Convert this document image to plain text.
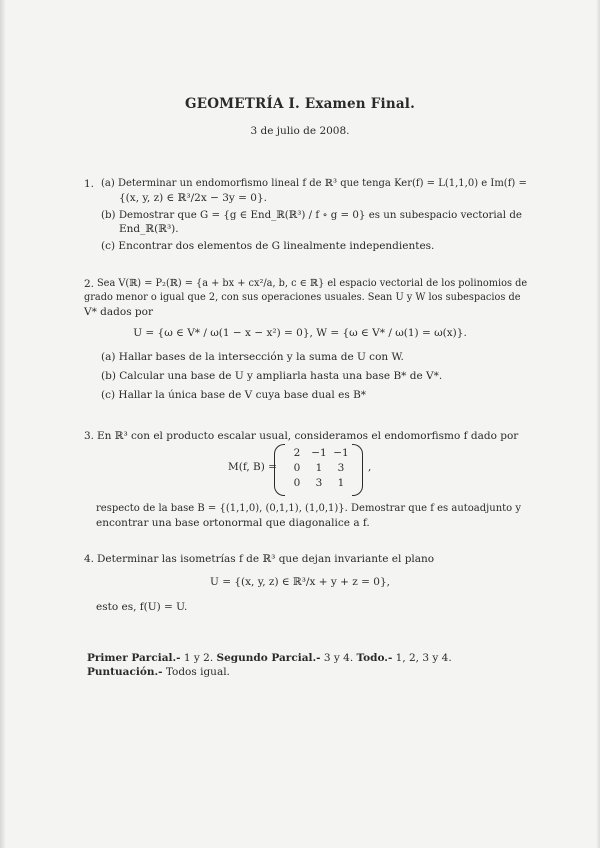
GEOMETRÍA I. Examen Final.
3 de julio de 2008.
1. (a) Determinar un endomorfismo lineal f de ℝ³ que tenga Ker(f) = L(1,1,0) e Im(f) =
{(x, y, z) ∈ ℝ³/2x − 3y = 0}.
(b) Demostrar que G = {g ∈ End_ℝ(ℝ³) / f ∘ g = 0} es un subespacio vectorial de
End_ℝ(ℝ³).
(c) Encontrar dos elementos de G linealmente independientes.
2. Sea V(ℝ) = P₂(ℝ) = {a + bx + cx²/a, b, c ∈ ℝ} el espacio vectorial de los polinomios de
grado menor o igual que 2, con sus operaciones usuales. Sean U y W los subespacios de
V* dados por
U = {ω ∈ V* / ω(1 − x − x²) = 0}, W = {ω ∈ V* / ω(1) = ω(x)}.
(a) Hallar bases de la intersección y la suma de U con W.
(b) Calcular una base de U y ampliarla hasta una base B* de V*.
(c) Hallar la única base de V cuya base dual es B*
3. En ℝ³ con el producto escalar usual, consideramos el endomorfismo f dado por
M(f, B) =
2	−1 −1
0	1	3
0	3	1
,
respecto de la base B = {(1,1,0), (0,1,1), (1,0,1)}. Demostrar que f es autoadjunto y
encontrar una base ortonormal que diagonalice a f.
4. Determinar las isometrías f de ℝ³ que dejan invariante el plano
U = {(x, y, z) ∈ ℝ³/x + y + z = 0},
esto es, f(U) = U.
Primer Parcial.- 1 y 2. Segundo Parcial.- 3 y 4. Todo.- 1, 2, 3 y 4.
Puntuación.- Todos igual.
